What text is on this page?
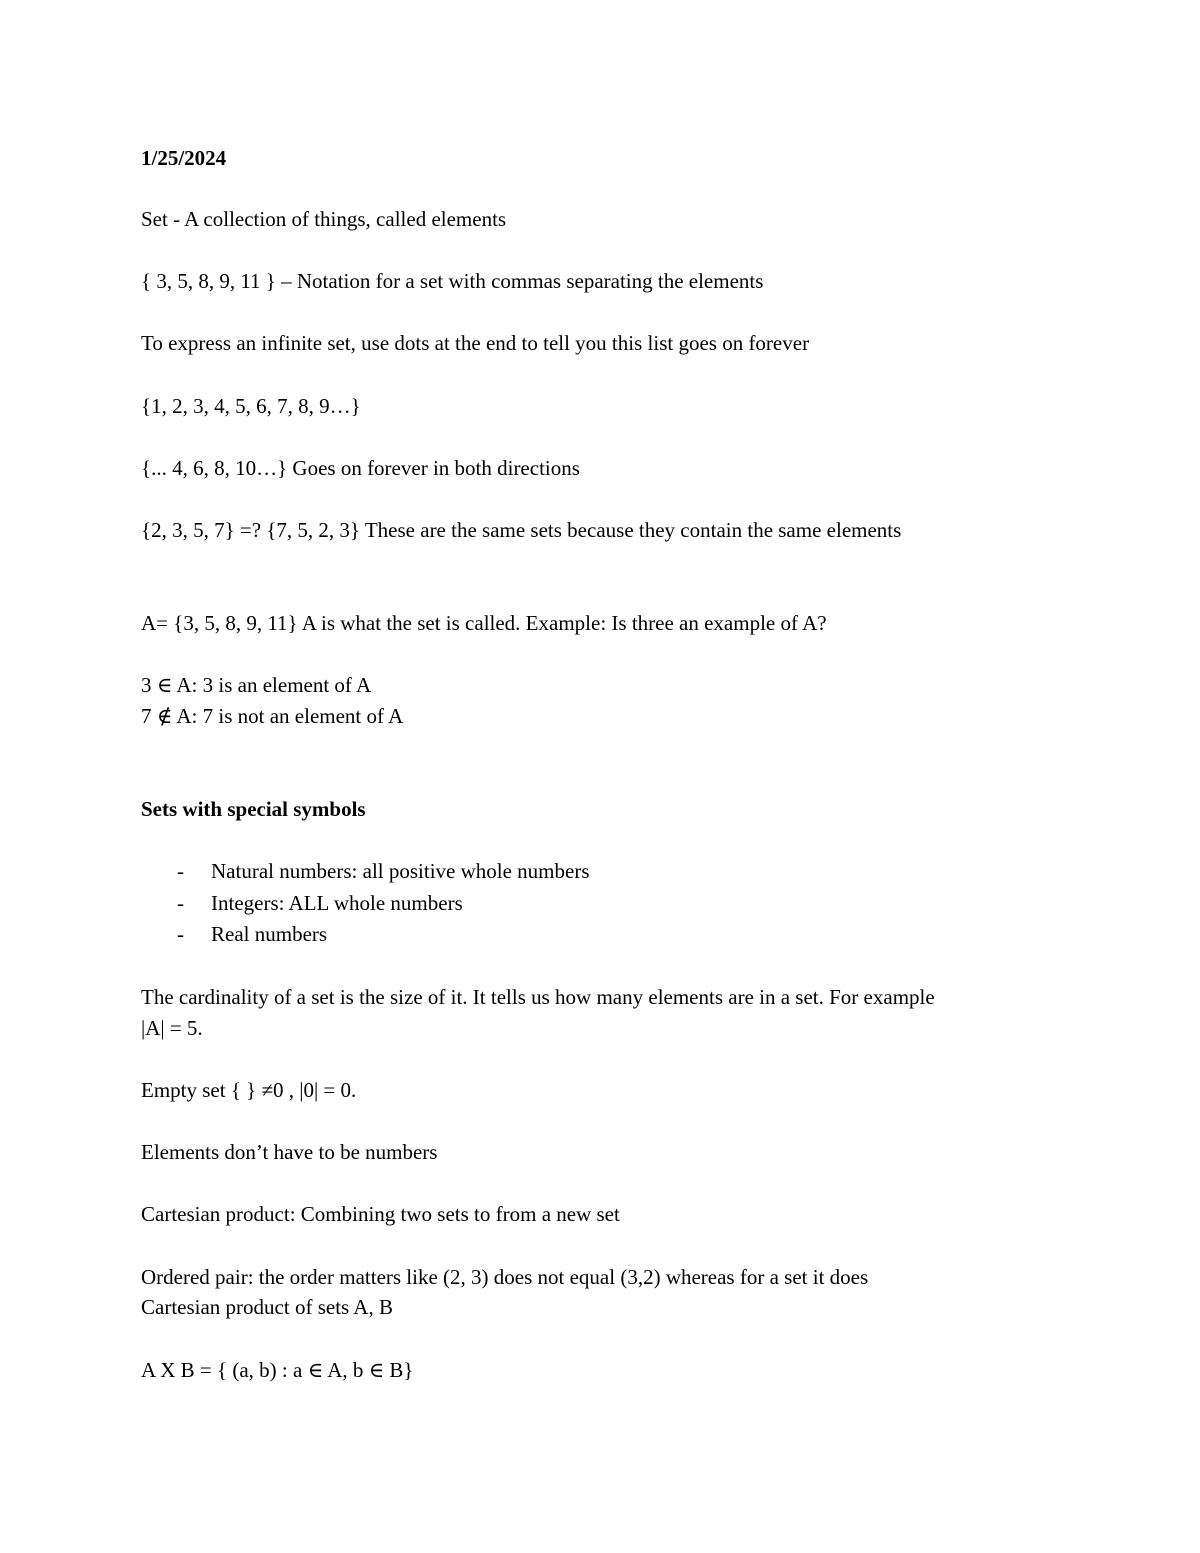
1/25/2024
Set - A collection of things, called elements
{ 3, 5, 8, 9, 11 } – Notation for a set with commas separating the elements
To express an infinite set, use dots at the end to tell you this list goes on forever
{1, 2, 3, 4, 5, 6, 7, 8, 9…}
{... 4, 6, 8, 10…} Goes on forever in both directions
{2, 3, 5, 7} =? {7, 5, 2, 3} These are the same sets because they contain the same elements
A= {3, 5, 8, 9, 11} A is what the set is called. Example: Is three an example of A?
3 ∈ A: 3 is an element of A
7 ∉ A: 7 is not an element of A
Sets with special symbols
- Natural numbers: all positive whole numbers
- Integers: ALL whole numbers
- Real numbers
The cardinality of a set is the size of it. It tells us how many elements are in a set. For example
|A| = 5.
Empty set { } ≠0 , |0| = 0.
Elements don’t have to be numbers
Cartesian product: Combining two sets to from a new set
Ordered pair: the order matters like (2, 3) does not equal (3,2) whereas for a set it does
Cartesian product of sets A, B
A X B = { (a, b) : a ∈ A, b ∈ B}
